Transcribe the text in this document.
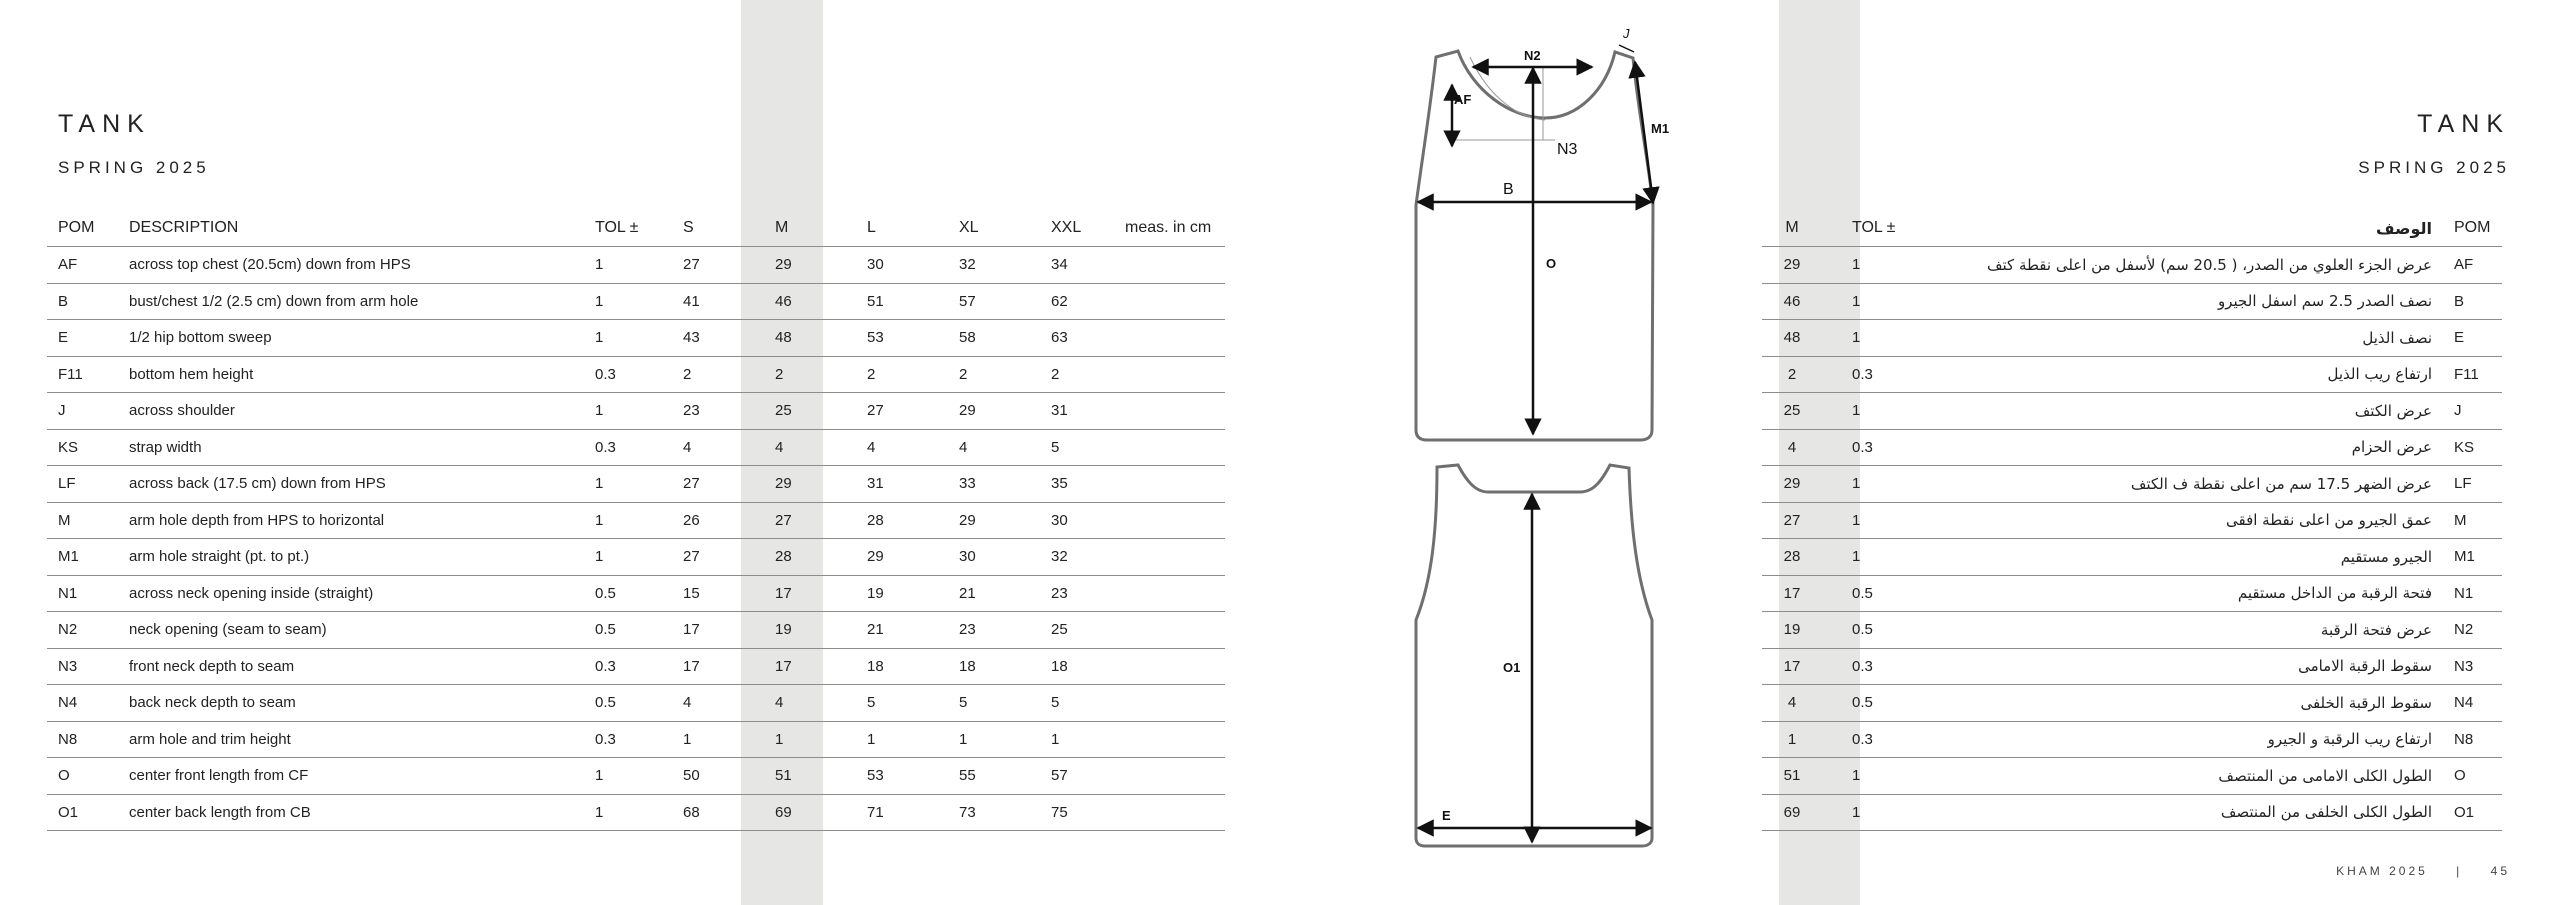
TANK
SPRING 2025
POM	DESCRIPTION	TOL ±	S	M	L	XL	XXL	meas. in cm
AF	across top chest (20.5cm) down from HPS	1	27	29	30	32	34	
B	bust/chest 1/2 (2.5 cm) down from arm hole	1	41	46	51	57	62	
E	1/2 hip bottom sweep	1	43	48	53	58	63	
F11	bottom hem height	0.3	2	2	2	2	2	
J	across shoulder	1	23	25	27	29	31	
KS	strap width	0.3	4	4	4	4	5	
LF	across back (17.5 cm) down from HPS	1	27	29	31	33	35	
M	arm hole depth from HPS to horizontal	1	26	27	28	29	30	
M1	arm hole straight (pt. to pt.)	1	27	28	29	30	32	
N1	across neck opening inside (straight)	0.5	15	17	19	21	23	
N2	neck opening (seam to seam)	0.5	17	19	21	23	25	
N3	front neck depth to seam	0.3	17	17	18	18	18	
N4	back neck depth to seam	0.5	4	4	5	5	5	
N8	arm hole and trim height	0.3	1	1	1	1	1	
O	center front length from CF	1	50	51	53	55	57	
O1	center back length from CB	1	68	69	71	73	75	
N2
J
AF
M1
N3
B
O
O1
E
TANK
SPRING 2025
M	TOL ±	الوصف	POM
29	1	عرض الجزء العلوي من الصدر، ( 20.5 سم) لأسفل من اعلى نقطة كتف	AF
46	1	نصف الصدر 2.5 سم اسفل الجيرو	B
48	1	نصف الذيل	E
2	0.3	ارتفاع ريب الذيل	F11
25	1	عرض الكتف	J
4	0.3	عرض الحزام	KS
29	1	عرض الضهر 17.5 سم من اعلى نقطة ف الكتف	LF
27	1	عمق الجيرو من اعلى نقطة افقى	M
28	1	الجيرو مستقيم	M1
17	0.5	فتحة الرقبة من الداخل مستقيم	N1
19	0.5	عرض فتحة الرقبة	N2
17	0.3	سقوط الرقبة الامامى	N3
4	0.5	سقوط الرقبة الخلفى	N4
1	0.3	ارتفاع ريب الرقبة و الجيرو	N8
51	1	الطول الكلى الامامى من المنتصف	O
69	1	الطول الكلى الخلفى من المنتصف	O1
KHAM 2025 | 45
